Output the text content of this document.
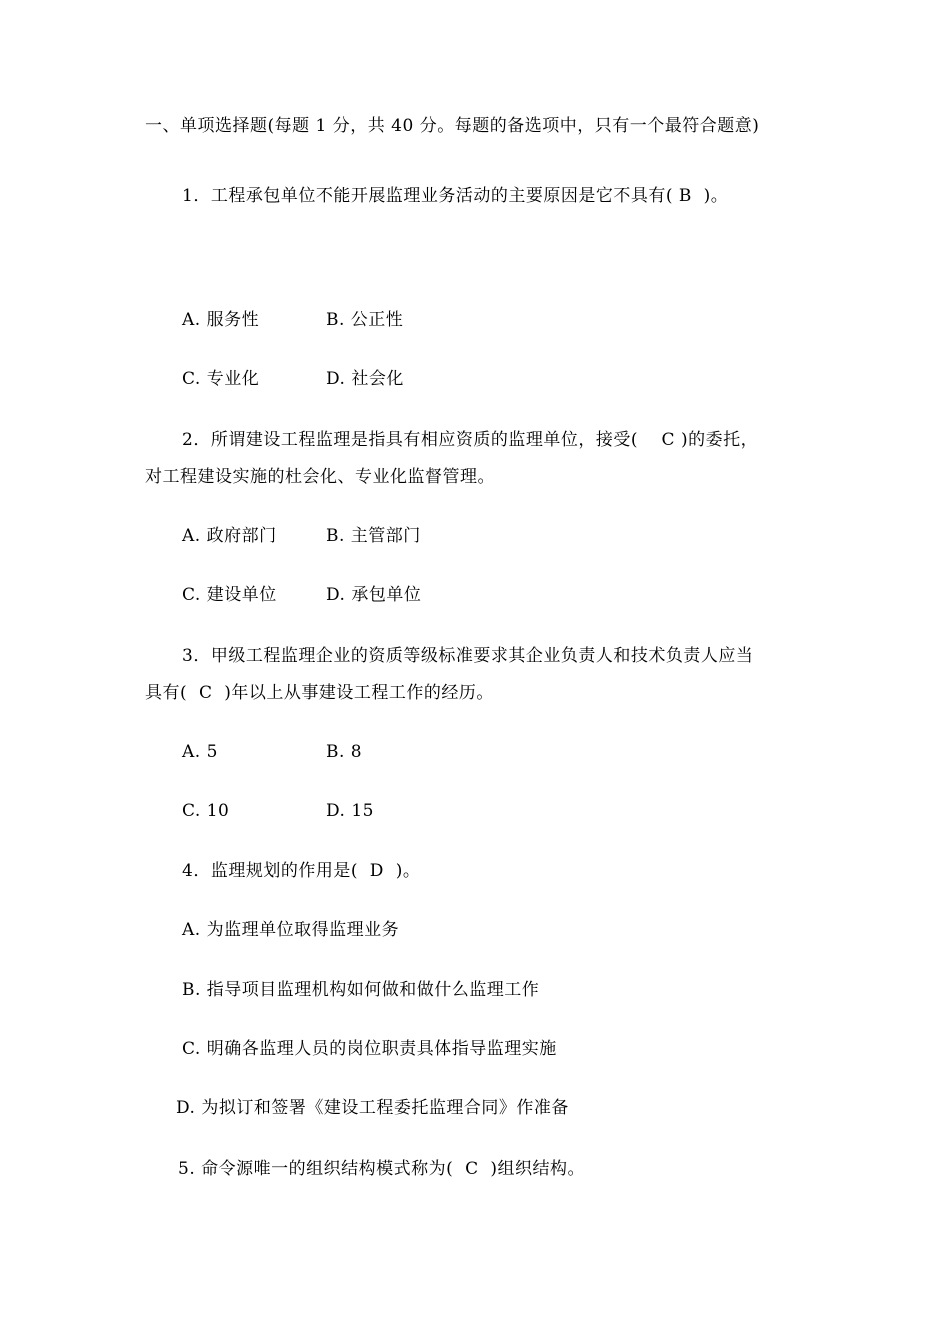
一、单项选择题(每题 1 分，共 40 分。每题的备选项中，只有一个最符合题意)
1．工程承包单位不能开展监理业务活动的主要原因是它不具有( B  )。
A. 服务性	B. 公正性
C. 专业化	D. 社会化
2．所谓建设工程监理是指具有相应资质的监理单位，接受(    C )的委托，
对工程建设实施的杜会化、专业化监督管理。
A. 政府部门	B. 主管部门
C. 建设单位	D. 承包单位
3．甲级工程监理企业的资质等级标准要求其企业负责人和技术负责人应当
具有(  C  )年以上从事建设工程工作的经历。
A. 5	B. 8
C. 10	D. 15
4．监理规划的作用是(  D  )。
A. 为监理单位取得监理业务
B. 指导项目监理机构如何做和做什么监理工作
C. 明确各监理人员的岗位职责具体指导监理实施
D. 为拟订和签署《建设工程委托监理合同》作准备
5. 命令源唯一的组织结构模式称为(  C  )组织结构。
